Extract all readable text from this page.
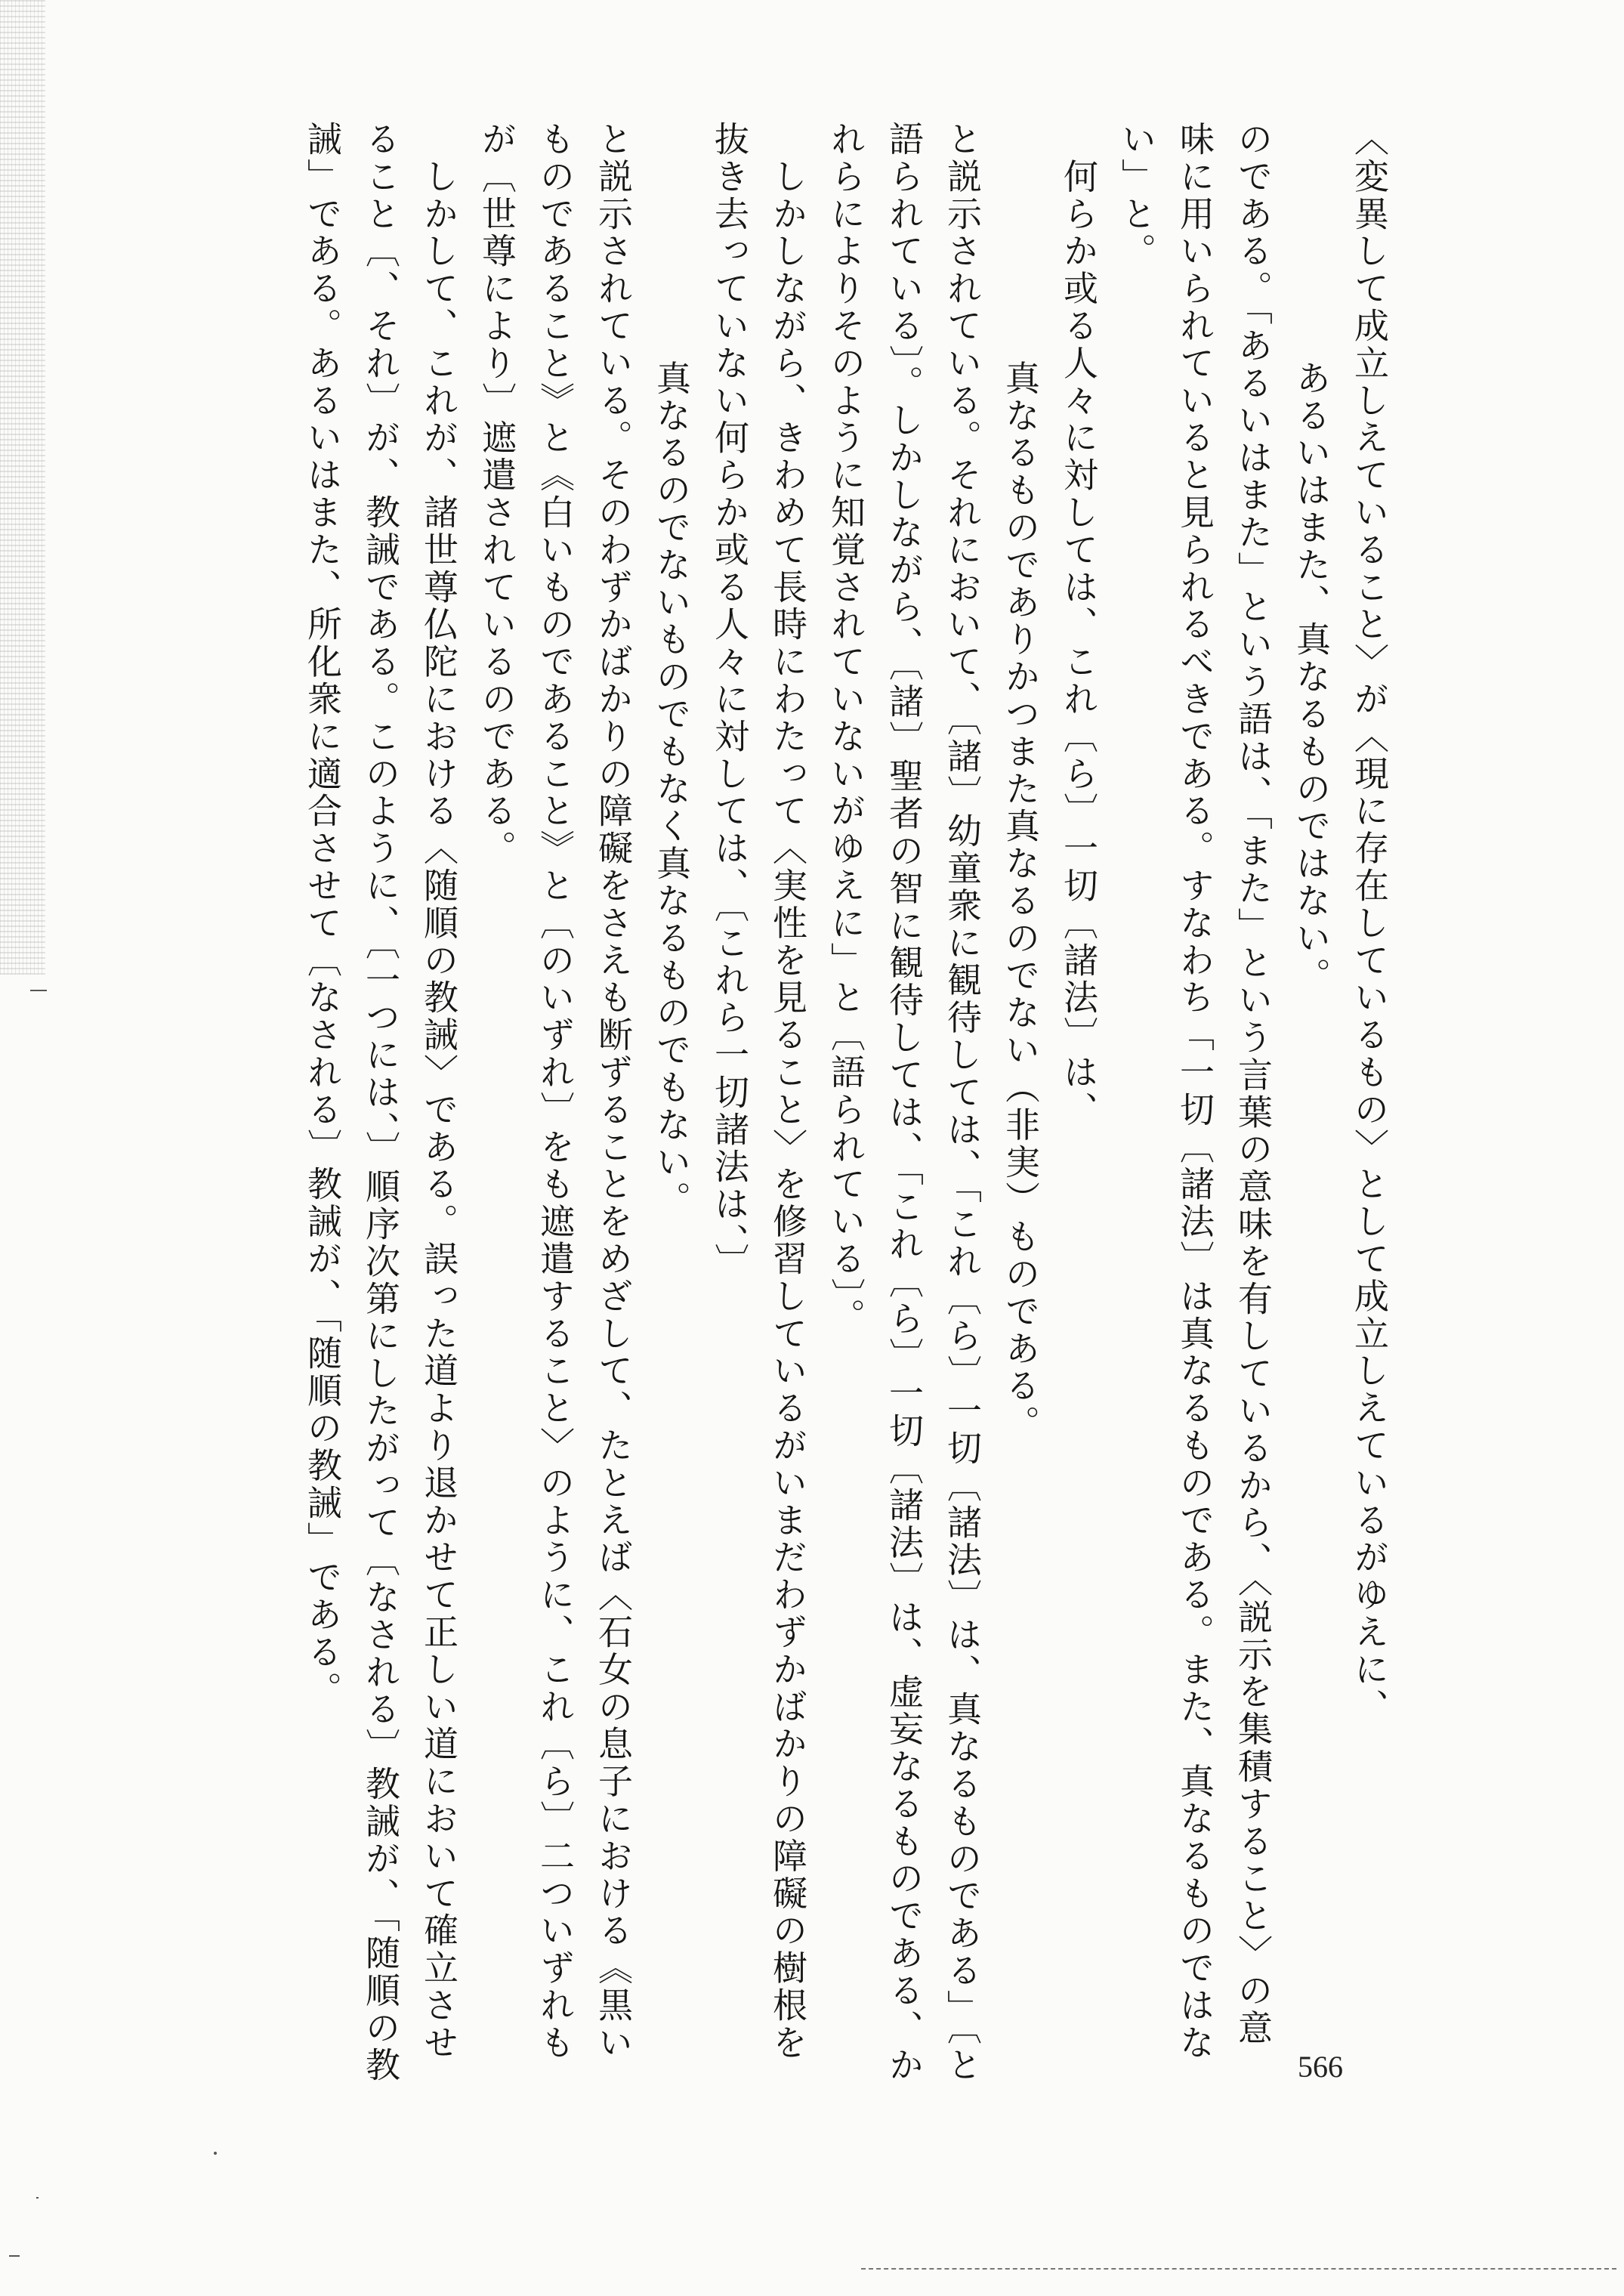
〈変異して成立しえていること〉が〈現に存在しているもの〉として成立しえているがゆえに、
　　　　　　あるいはまた、真なるものではない。
のである。「あるいはまた」という語は、「また」という言葉の意味を有しているから、〈説示を集積すること〉の意
味に用いられていると見られるべきである。すなわち「一切〔諸法〕は真なるものである。また、真なるものではな
い」と。
　何らか或る人々に対しては、これ〔ら〕一切〔諸法〕は、
　　　　　　真なるものでありかつまた真なるのでない（非実）ものである。
と説示されている。それにおいて、〔諸〕幼童衆に観待しては、「これ〔ら〕一切〔諸法〕は、真なるものである」〔と
語られている〕。しかしながら、〔諸〕聖者の智に観待しては、「これ〔ら〕一切〔諸法〕は、虚妄なるものである、か
れらによりそのように知覚されていないがゆえに」と〔語られている〕。
　しかしながら、きわめて長時にわたって〈実性を見ること〉を修習しているがいまだわずかばかりの障礙の樹根を
抜き去っていない何らか或る人々に対しては、〔これら一切諸法は、〕
　　　　　　真なるのでないものでもなく真なるものでもない。
と説示されている。そのわずかばかりの障礙をさえも断ずることをめざして、たとえば〈石女の息子における《黒い
ものであること》と《白いものであること》と〔のいずれ〕をも遮遣すること〉のように、これ〔ら〕二ついずれも
が〔世尊により〕遮遣されているのである。
　しかして、これが、諸世尊仏陀における〈随順の教誡〉である。誤った道より退かせて正しい道において確立させ
ること〔、それ〕が、教誡である。このように、〔一つには、〕順序次第にしたがって〔なされる〕教誡が、「随順の教
誡」である。あるいはまた、所化衆に適合させて〔なされる〕教誡が、「随順の教誡」である。
566
